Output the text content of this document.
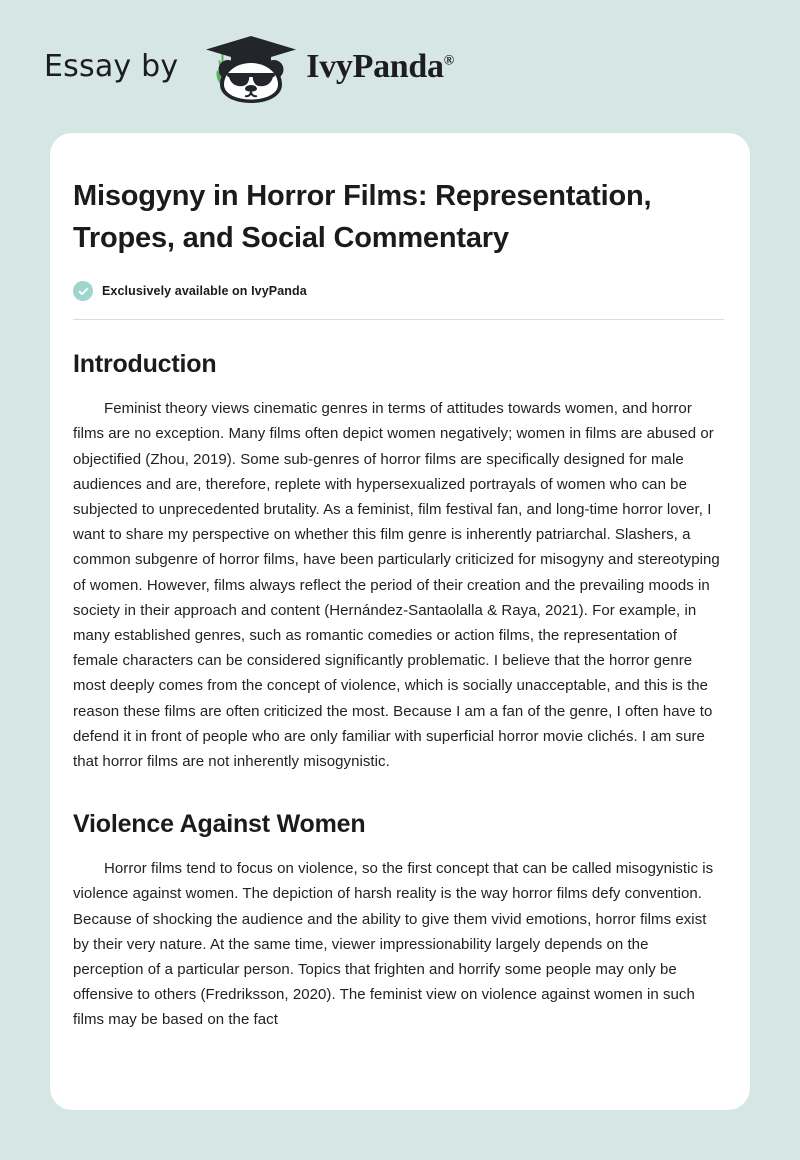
Essay by	IvyPanda®
Misogyny in Horror Films: Representation, Tropes, and Social Commentary
Exclusively available on IvyPanda
Introduction

Feminist theory views cinematic genres in terms of attitudes towards women, and horror films are no exception. Many films often depict women negatively; women in films are abused or objectified (Zhou, 2019). Some sub-genres of horror films are specifically designed for male audiences and are, therefore, replete with hypersexualized portrayals of women who can be subjected to unprecedented brutality. As a feminist, film festival fan, and long-time horror lover, I want to share my perspective on whether this film genre is inherently patriarchal. Slashers, a common subgenre of horror films, have been particularly criticized for misogyny and stereotyping of women. However, films always reflect the period of their creation and the prevailing moods in society in their approach and content (Hernández-Santaolalla & Raya, 2021). For example, in many established genres, such as romantic comedies or action films, the representation of female characters can be considered significantly problematic. I believe that the horror genre most deeply comes from the concept of violence, which is socially unacceptable, and this is the reason these films are often criticized the most. Because I am a fan of the genre, I often have to defend it in front of people who are only familiar with superficial horror movie clichés. I am sure that horror films are not inherently misogynistic.

Violence Against Women

Horror films tend to focus on violence, so the first concept that can be called misogynistic is violence against women. The depiction of harsh reality is the way horror films defy convention. Because of shocking the audience and the ability to give them vivid emotions, horror films exist by their very nature. At the same time, viewer impressionability largely depends on the perception of a particular person. Topics that frighten and horrify some people may only be offensive to others (Fredriksson, 2020). The feminist view on violence against women in such films may be based on the fact
